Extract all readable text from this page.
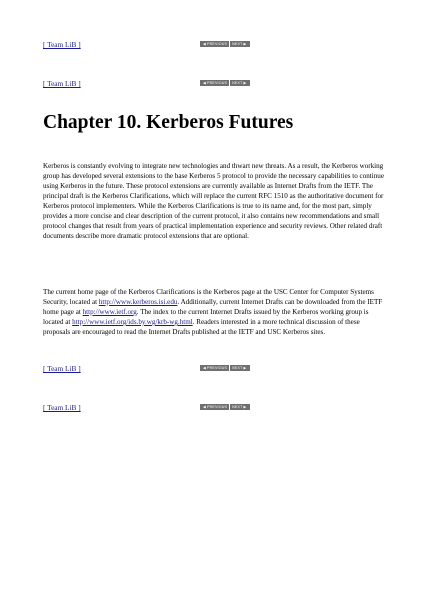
[ Team LiB ]	◀ PREVIOUS NEXT ▶
[ Team LiB ]	◀ PREVIOUS NEXT ▶
Chapter 10. Kerberos Futures

Kerberos is constantly evolving to integrate new technologies and thwart new threats. As a result, the Kerberos working group has developed several extensions to the base Kerberos 5 protocol to provide the necessary capabilities to continue using Kerberos in the future. These protocol extensions are currently available as Internet Drafts from the IETF. The principal draft is the Kerberos Clarifications, which will replace the current RFC 1510 as the authoritative document for Kerberos protocol implementers. While the Kerberos Clarifications is true to its name and, for the most part, simply provides a more concise and clear description of the current protocol, it also contains new recommendations and small protocol changes that result from years of practical implementation experience and security reviews. Other related draft documents describe more dramatic protocol extensions that are optional.

The current home page of the Kerberos Clarifications is the Kerberos page at the USC Center for Computer Systems Security, located at http://www.kerberos.isi.edu. Additionally, current Internet Drafts can be downloaded from the IETF home page at http://www.ietf.org. The index to the current Internet Drafts issued by the Kerberos working group is located at http://www.ietf.org/ids.by.wg/krb-wg.html. Readers interested in a more technical discussion of these proposals are encouraged to read the Internet Drafts published at the IETF and USC Kerberos sites.

[ Team LiB ]	◀ PREVIOUS NEXT ▶
[ Team LiB ]	◀ PREVIOUS NEXT ▶
